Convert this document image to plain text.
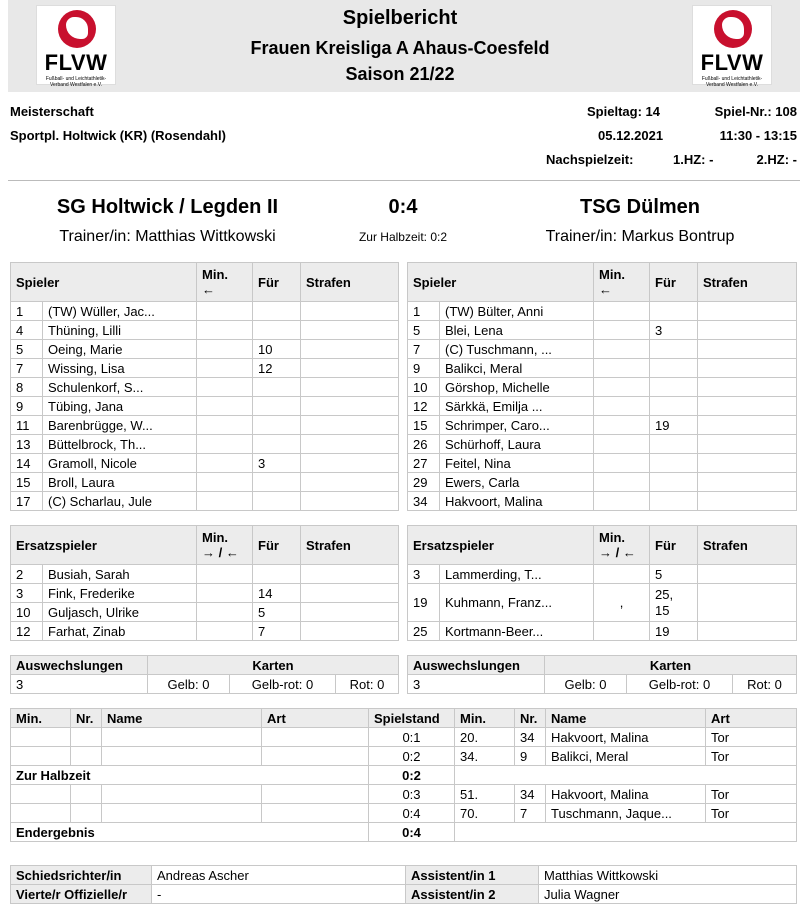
FLVW
Fußball- und Leichtathletik-Verband Westfalen e.V.
FLVW
Fußball- und Leichtathletik-Verband Westfalen e.V.
Spielbericht
Frauen Kreisliga A Ahaus-Coesfeld
Saison 21/22
Meisterschaft
Sportpl. Holtwick (KR) (Rosendahl)
Spieltag: 14	Spiel-Nr.: 108
05.12.2021	11:30 - 13:15
Nachspielzeit:	1.HZ: -	2.HZ: -
SG Holtwick / Legden II	0:4	TSG Dülmen
Trainer/in: Matthias Wittkowski	Zur Halbzeit: 0:2	Trainer/in: Markus Bontrup
Spieler		Min.
←	Für	Strafen
1	(TW) Wüller, Jac...			
4	Thüning, Lilli			
5	Oeing, Marie		10	
7	Wissing, Lisa		12	
8	Schulenkorf, S...			
9	Tübing, Jana			
11	Barenbrügge, W...			
13	Büttelbrock, Th...			
14	Gramoll, Nicole		3	
15	Broll, Laura			
17	(C) Scharlau, Jule			
Spieler		Min.
←	Für	Strafen
1	(TW) Bülter, Anni			
5	Blei, Lena		3	
7	(C) Tuschmann, ...			
9	Balikci, Meral			
10	Görshop, Michelle			
12	Särkkä, Emilja ...			
15	Schrimper, Caro...		19	
26	Schürhoff, Laura			
27	Feitel, Nina			
29	Ewers, Carla			
34	Hakvoort, Malina			
Ersatzspieler		Min.
→ / ←	Für	Strafen
2	Busiah, Sarah			
3	Fink, Frederike		14	
10	Guljasch, Ulrike		5	
12	Farhat, Zinab		7	
Ersatzspieler		Min.
→ / ←	Für	Strafen
3	Lammerding, T...		5	
19	Kuhmann, Franz...	,	25,
15	
25	Kortmann-Beer...		19	
Auswechslungen	Karten		
3	Gelb: 0	Gelb-rot: 0	Rot: 0
Auswechslungen	Karten		
3	Gelb: 0	Gelb-rot: 0	Rot: 0
Min.	Nr.	Name	Art	Spielstand	Min.	Nr.	Name	Art
				0:1	20.	34	Hakvoort, Malina	Tor
				0:2	34.	9	Balikci, Meral	Tor
Zur Halbzeit				0:2				
				0:3	51.	34	Hakvoort, Malina	Tor
				0:4	70.	7	Tuschmann, Jaque...	Tor
Endergebnis				0:4				
Schiedsrichter/in	Andreas Ascher	Assistent/in 1	Matthias Wittkowski
Vierte/r Offizielle/r	-	Assistent/in 2	Julia Wagner
